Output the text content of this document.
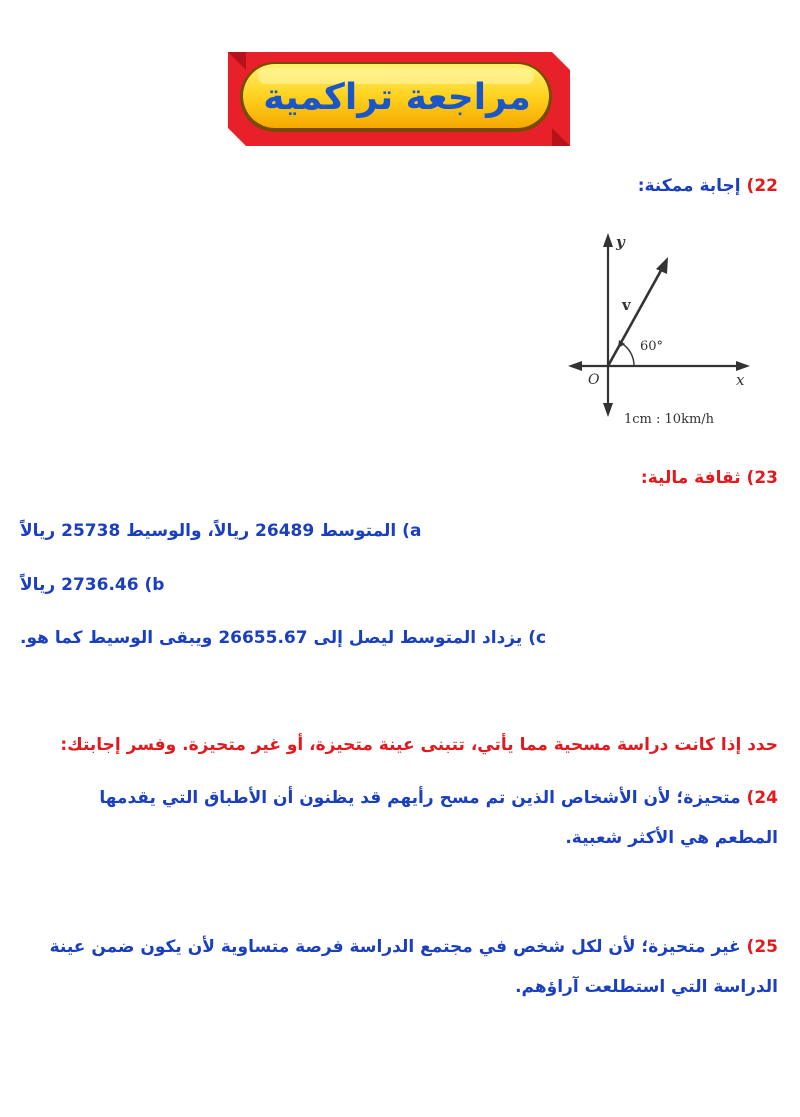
مراجعة تراكمية
22) إجابة ممكنة:
y
x
O
v
60°
1cm : 10km/h
23) ثقافة مالية:
a) المتوسط 26489 ريالاً، والوسيط 25738 ريالاً
b) 2736.46 ريالاً
c) يزداد المتوسط ليصل إلى 26655.67 ويبقى الوسيط كما هو.
حدد إذا كانت دراسة مسحية مما يأتي، تتبنى عينة متحيزة، أو غير متحيزة. وفسر إجابتك:
24) متحيزة؛ لأن الأشخاص الذين تم مسح رأيهم قد يظنون أن الأطباق التي يقدمها المطعم هي الأكثر شعبية.
25) غير متحيزة؛ لأن لكل شخص في مجتمع الدراسة فرصة متساوية لأن يكون ضمن عينة الدراسة التي استطلعت آراؤهم.
